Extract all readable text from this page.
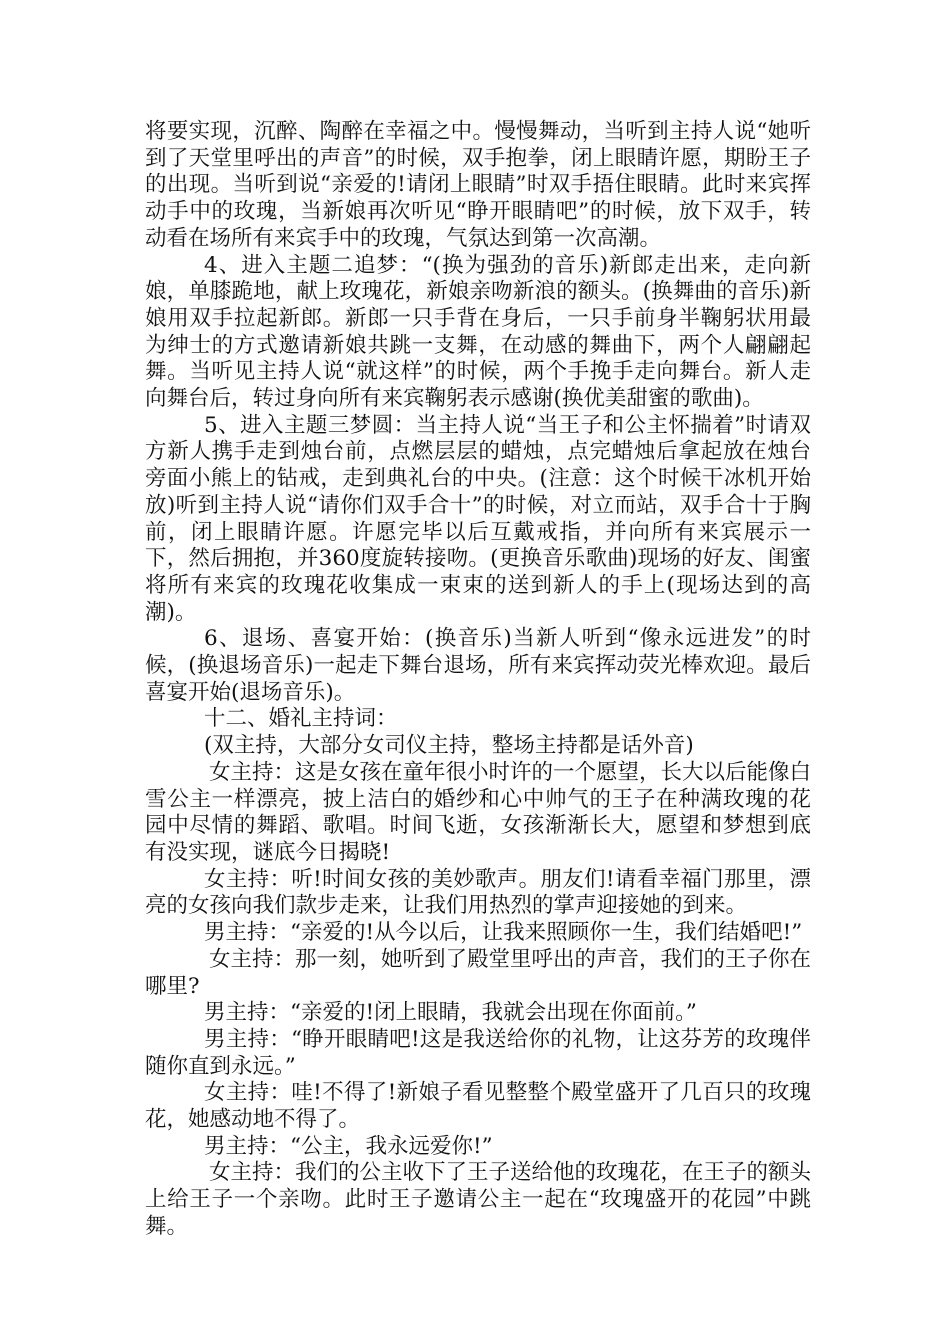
将要实现，沉醉、陶醉在幸福之中。慢慢舞动，当听到主持人说“她听到了天堂里呼出的声音”的时候，双手抱拳，闭上眼睛许愿，期盼王子的出现。当听到说“亲爱的!请闭上眼睛”时双手捂住眼睛。此时来宾挥动手中的玫瑰，当新娘再次听见“睁开眼睛吧”的时候，放下双手，转动看在场所有来宾手中的玫瑰，气氛达到第一次高潮。

4、进入主题二追梦：“(换为强劲的音乐)新郎走出来，走向新娘，单膝跪地，献上玫瑰花，新娘亲吻新浪的额头。(换舞曲的音乐)新娘用双手拉起新郎。新郎一只手背在身后，一只手前身半鞠躬状用最为绅士的方式邀请新娘共跳一支舞，在动感的舞曲下，两个人翩翩起舞。当听见主持人说“就这样”的时候，两个手挽手走向舞台。新人走向舞台后，转过身向所有来宾鞠躬表示感谢(换优美甜蜜的歌曲)。

5、进入主题三梦圆：当主持人说“当王子和公主怀揣着”时请双方新人携手走到烛台前，点燃层层的蜡烛，点完蜡烛后拿起放在烛台旁面小熊上的钻戒，走到典礼台的中央。(注意：这个时候干冰机开始放)听到主持人说“请你们双手合十”的时候，对立而站，双手合十于胸前，闭上眼睛许愿。许愿完毕以后互戴戒指，并向所有来宾展示一下，然后拥抱，并360度旋转接吻。(更换音乐歌曲)现场的好友、闺蜜将所有来宾的玫瑰花收集成一束束的送到新人的手上(现场达到的高潮)。

6、退场、喜宴开始：(换音乐)当新人听到“像永远进发”的时候，(换退场音乐)一起走下舞台退场，所有来宾挥动荧光棒欢迎。最后喜宴开始(退场音乐)。

十二、婚礼主持词：

(双主持，大部分女司仪主持，整场主持都是话外音)

女主持：这是女孩在童年很小时许的一个愿望，长大以后能像白雪公主一样漂亮，披上洁白的婚纱和心中帅气的王子在种满玫瑰的花园中尽情的舞蹈、歌唱。时间飞逝，女孩渐渐长大，愿望和梦想到底有没实现，谜底今日揭晓!

女主持：听!时间女孩的美妙歌声。朋友们!请看幸福门那里，漂亮的女孩向我们款步走来，让我们用热烈的掌声迎接她的到来。

男主持：“亲爱的!从今以后，让我来照顾你一生，我们结婚吧!”

女主持：那一刻，她听到了殿堂里呼出的声音，我们的王子你在哪里?

男主持：“亲爱的!闭上眼睛，我就会出现在你面前。”

男主持：“睁开眼睛吧!这是我送给你的礼物，让这芬芳的玫瑰伴随你直到永远。”

女主持：哇!不得了!新娘子看见整整个殿堂盛开了几百只的玫瑰花，她感动地不得了。

男主持：“公主，我永远爱你!”

女主持：我们的公主收下了王子送给他的玫瑰花，在王子的额头上给王子一个亲吻。此时王子邀请公主一起在“玫瑰盛开的花园”中跳舞。
